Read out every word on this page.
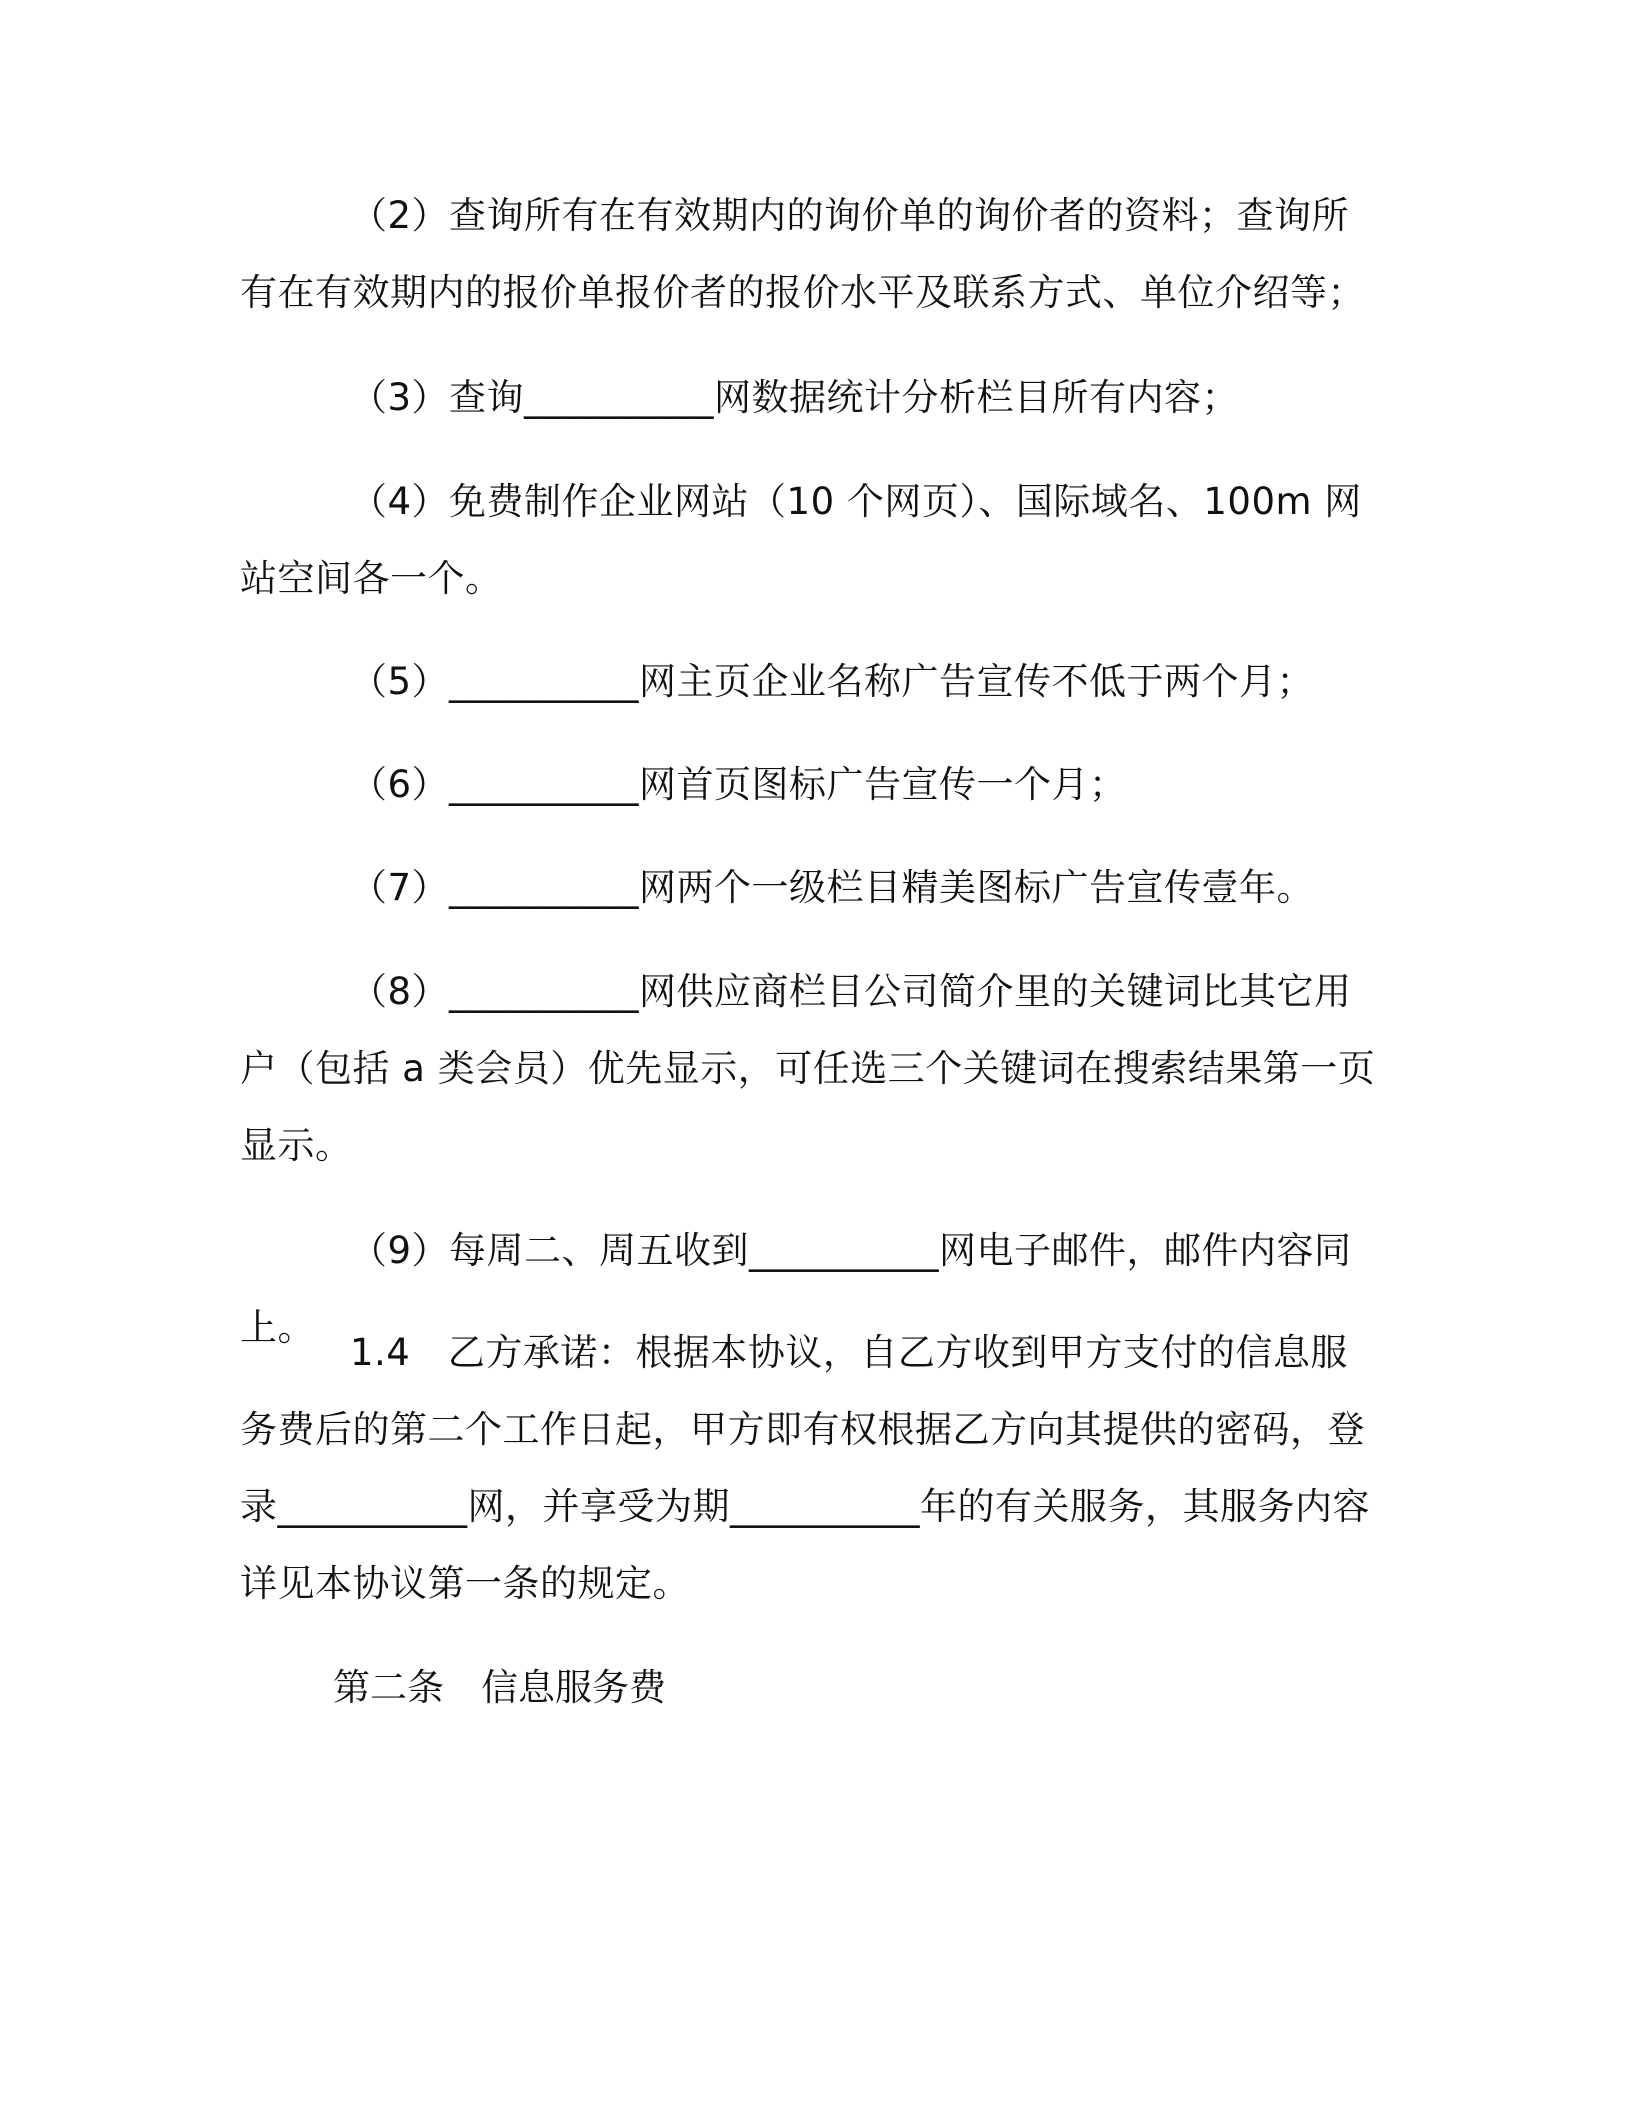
（2）查询所有在有效期内的询价单的询价者的资料；查询所有在有效期内的报价单报价者的报价水平及联系方式、单位介绍等；

（3）查询__________网数据统计分析栏目所有内容；

（4）免费制作企业网站（10 个网页）、国际域名、100m 网站空间各一个。

（5）__________网主页企业名称广告宣传不低于两个月；

（6）__________网首页图标广告宣传一个月；

（7）__________网两个一级栏目精美图标广告宣传壹年。

（8）__________网供应商栏目公司简介里的关键词比其它用户（包括 a 类会员）优先显示，可任选三个关键词在搜索结果第一页显示。

（9）每周二、周五收到__________网电子邮件，邮件内容同上。

1.4　乙方承诺：根据本协议，自乙方收到甲方支付的信息服务费后的第二个工作日起，甲方即有权根据乙方向其提供的密码，登录__________网，并享受为期__________年的有关服务，其服务内容详见本协议第一条的规定。

第二条　信息服务费
